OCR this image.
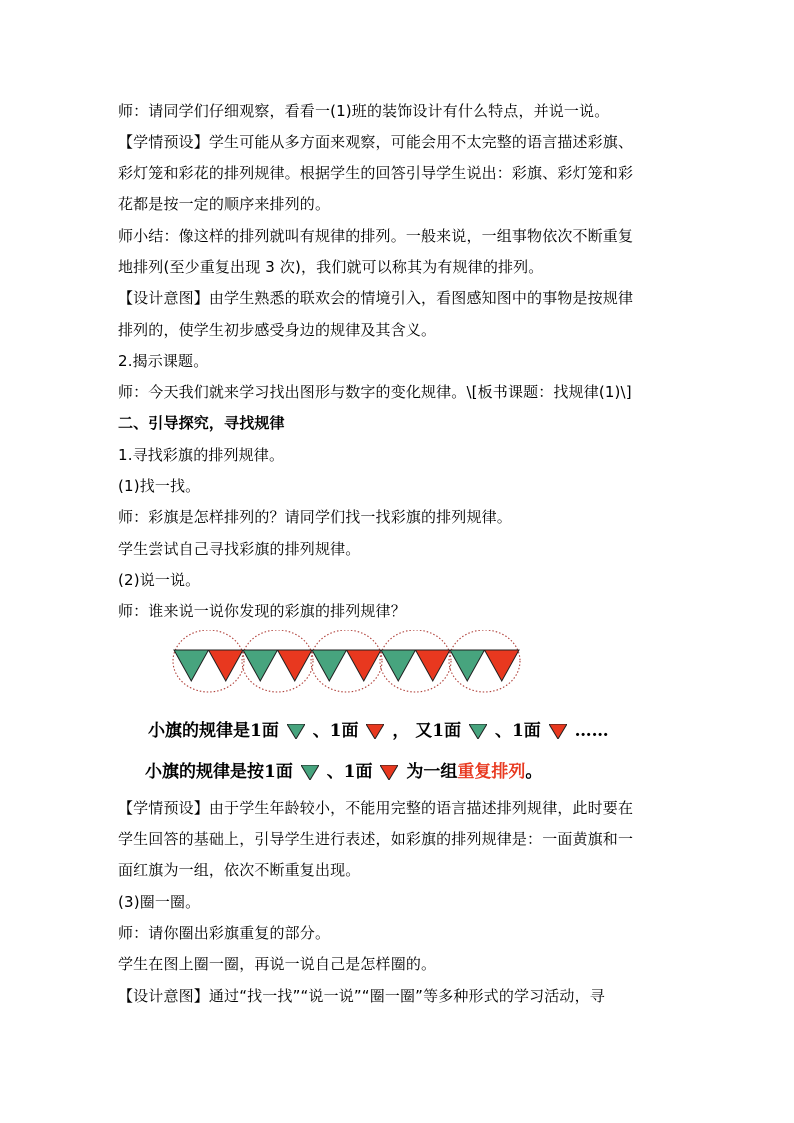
师：请同学们仔细观察，看看一(1)班的装饰设计有什么特点，并说一说。
【学情预设】学生可能从多方面来观察，可能会用不太完整的语言描述彩旗、
彩灯笼和彩花的排列规律。根据学生的回答引导学生说出：彩旗、彩灯笼和彩
花都是按一定的顺序来排列的。
师小结：像这样的排列就叫有规律的排列。一般来说，一组事物依次不断重复
地排列(至少重复出现 3 次)，我们就可以称其为有规律的排列。
【设计意图】由学生熟悉的联欢会的情境引入，看图感知图中的事物是按规律
排列的，使学生初步感受身边的规律及其含义。
2.揭示课题。
师：今天我们就来学习找出图形与数字的变化规律。\[板书课题：找规律(1)\]
二、引导探究，寻找规律
1.寻找彩旗的排列规律。
(1)找一找。
师：彩旗是怎样排列的？请同学们找一找彩旗的排列规律。
学生尝试自己寻找彩旗的排列规律。
(2)说一说。
师：谁来说一说你发现的彩旗的排列规律？
小旗的规律是1面 、1面 ， 又1面 、1面 ……
小旗的规律是按1面 、1面 为一组重复排列。
【学情预设】由于学生年龄较小，不能用完整的语言描述排列规律，此时要在
学生回答的基础上，引导学生进行表述，如彩旗的排列规律是：一面黄旗和一
面红旗为一组，依次不断重复出现。
(3)圈一圈。
师：请你圈出彩旗重复的部分。
学生在图上圈一圈，再说一说自己是怎样圈的。
【设计意图】通过“找一找”“说一说”“圈一圈”等多种形式的学习活动，寻
